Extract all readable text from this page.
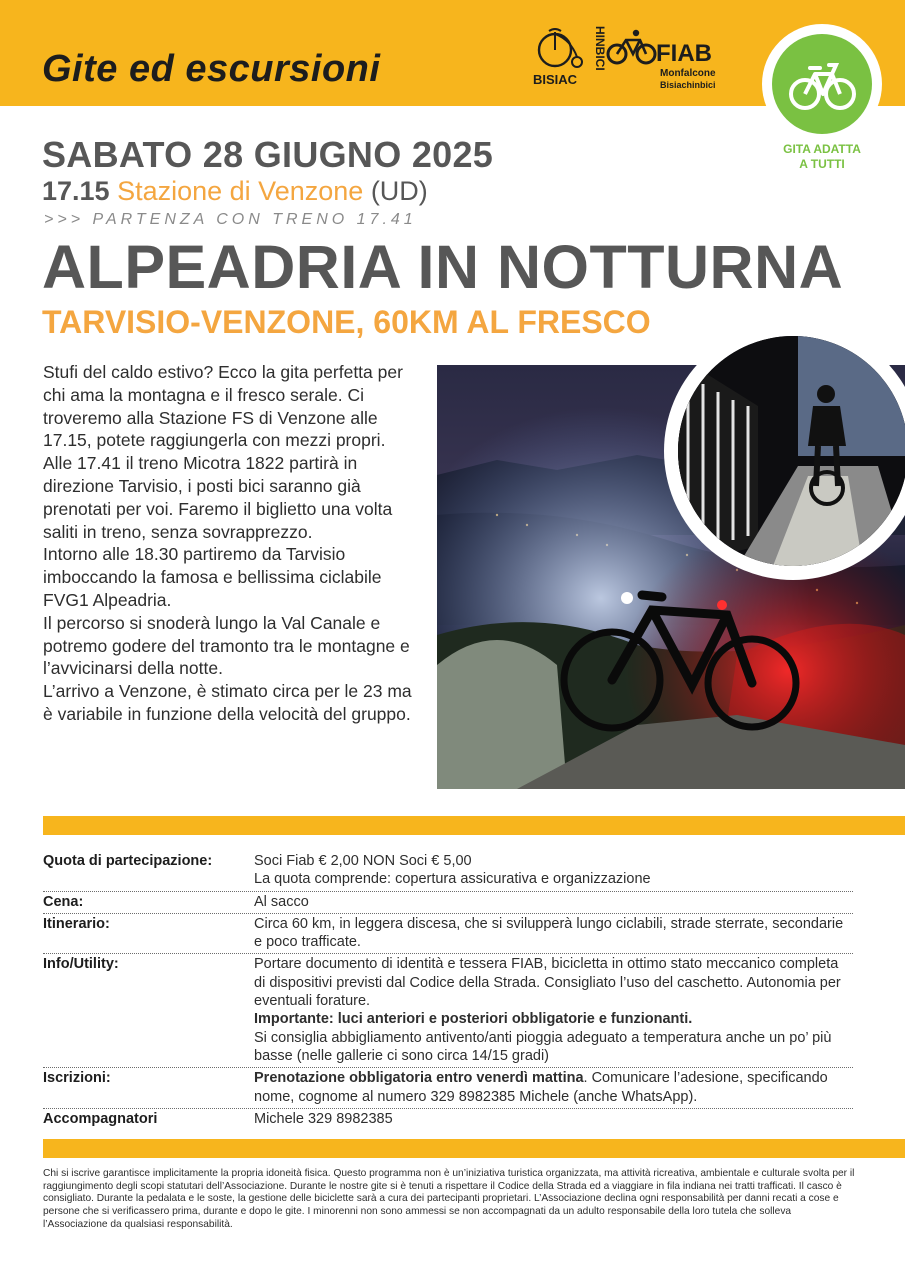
Gite ed escursioni	BISIAC
HINBICI FIAB
Monfalcone
Bisiachinbici
GITA ADATTA
A TUTTI
SABATO 28 GIUGNO 2025
17.15 Stazione di Venzone (UD)
>>> PARTENZA CON TRENO 17.41
ALPEADRIA IN NOTTURNA
TARVISIO-VENZONE, 60KM AL FRESCO

Stufi del caldo estivo? Ecco la gita perfetta per chi ama la montagna e il fresco serale. Ci troveremo alla Stazione FS di Venzone alle 17.15, potete raggiungerla con mezzi propri.

Alle 17.41 il treno Micotra 1822 partirà in direzione Tarvisio, i posti bici saranno già prenotati per voi. Faremo il biglietto una volta saliti in treno, senza sovrapprezzo.

Intorno alle 18.30 partiremo da Tarvisio imboccando la famosa e bellissima ciclabile FVG1 Alpeadria.

Il percorso si snoderà lungo la Val Canale e potremo godere del tramonto tra le montagne e l’avvicinarsi della notte.

L’arrivo a Venzone, è stimato circa per le 23 ma è variabile in funzione della velocità del gruppo.

Quota di partecipazione:	Soci Fiab € 2,00 NON Soci € 5,00
La quota comprende: copertura assicurativa e organizzazione
Cena:	Al sacco
Itinerario:	Circa 60 km, in leggera discesa, che si svilupperà lungo ciclabili, strade sterrate, secondarie e poco trafficate.
Info/Utility:	Portare documento di identità e tessera FIAB, bicicletta in ottimo stato meccanico completa di dispositivi previsti dal Codice della Strada. Consigliato l’uso del caschetto. Autonomia per eventuali forature.
Importante: luci anteriori e posteriori obbligatorie e funzionanti.
Si consiglia abbigliamento antivento/anti pioggia adeguato a temperatura anche un po’ più basse (nelle gallerie ci sono circa 14/15 gradi)
Iscrizioni:	Prenotazione obbligatoria entro venerdì mattina. Comunicare l’adesione, specificando nome, cognome al numero 329 8982385 Michele (anche WhatsApp).
Accompagnatori	Michele 329 8982385
Chi si iscrive garantisce implicitamente la propria idoneità fisica. Questo programma non è un’iniziativa turistica organizzata, ma attività ricreativa, ambientale e culturale svolta per il raggiungimento degli scopi statutari dell’Associazione. Durante le nostre gite si è tenuti a rispettare il Codice della Strada ed a viaggiare in fila indiana nei tratti trafficati. Il casco è consigliato. Durante la pedalata e le soste, la gestione delle biciclette sarà a cura dei partecipanti proprietari. L’Associazione declina ogni responsabilità per danni recati a cose e persone che si verificassero prima, durante e dopo le gite. I minorenni non sono ammessi se non accompagnati da un adulto responsabile della loro tutela che solleva l’Associazione da qualsiasi responsabilità.
